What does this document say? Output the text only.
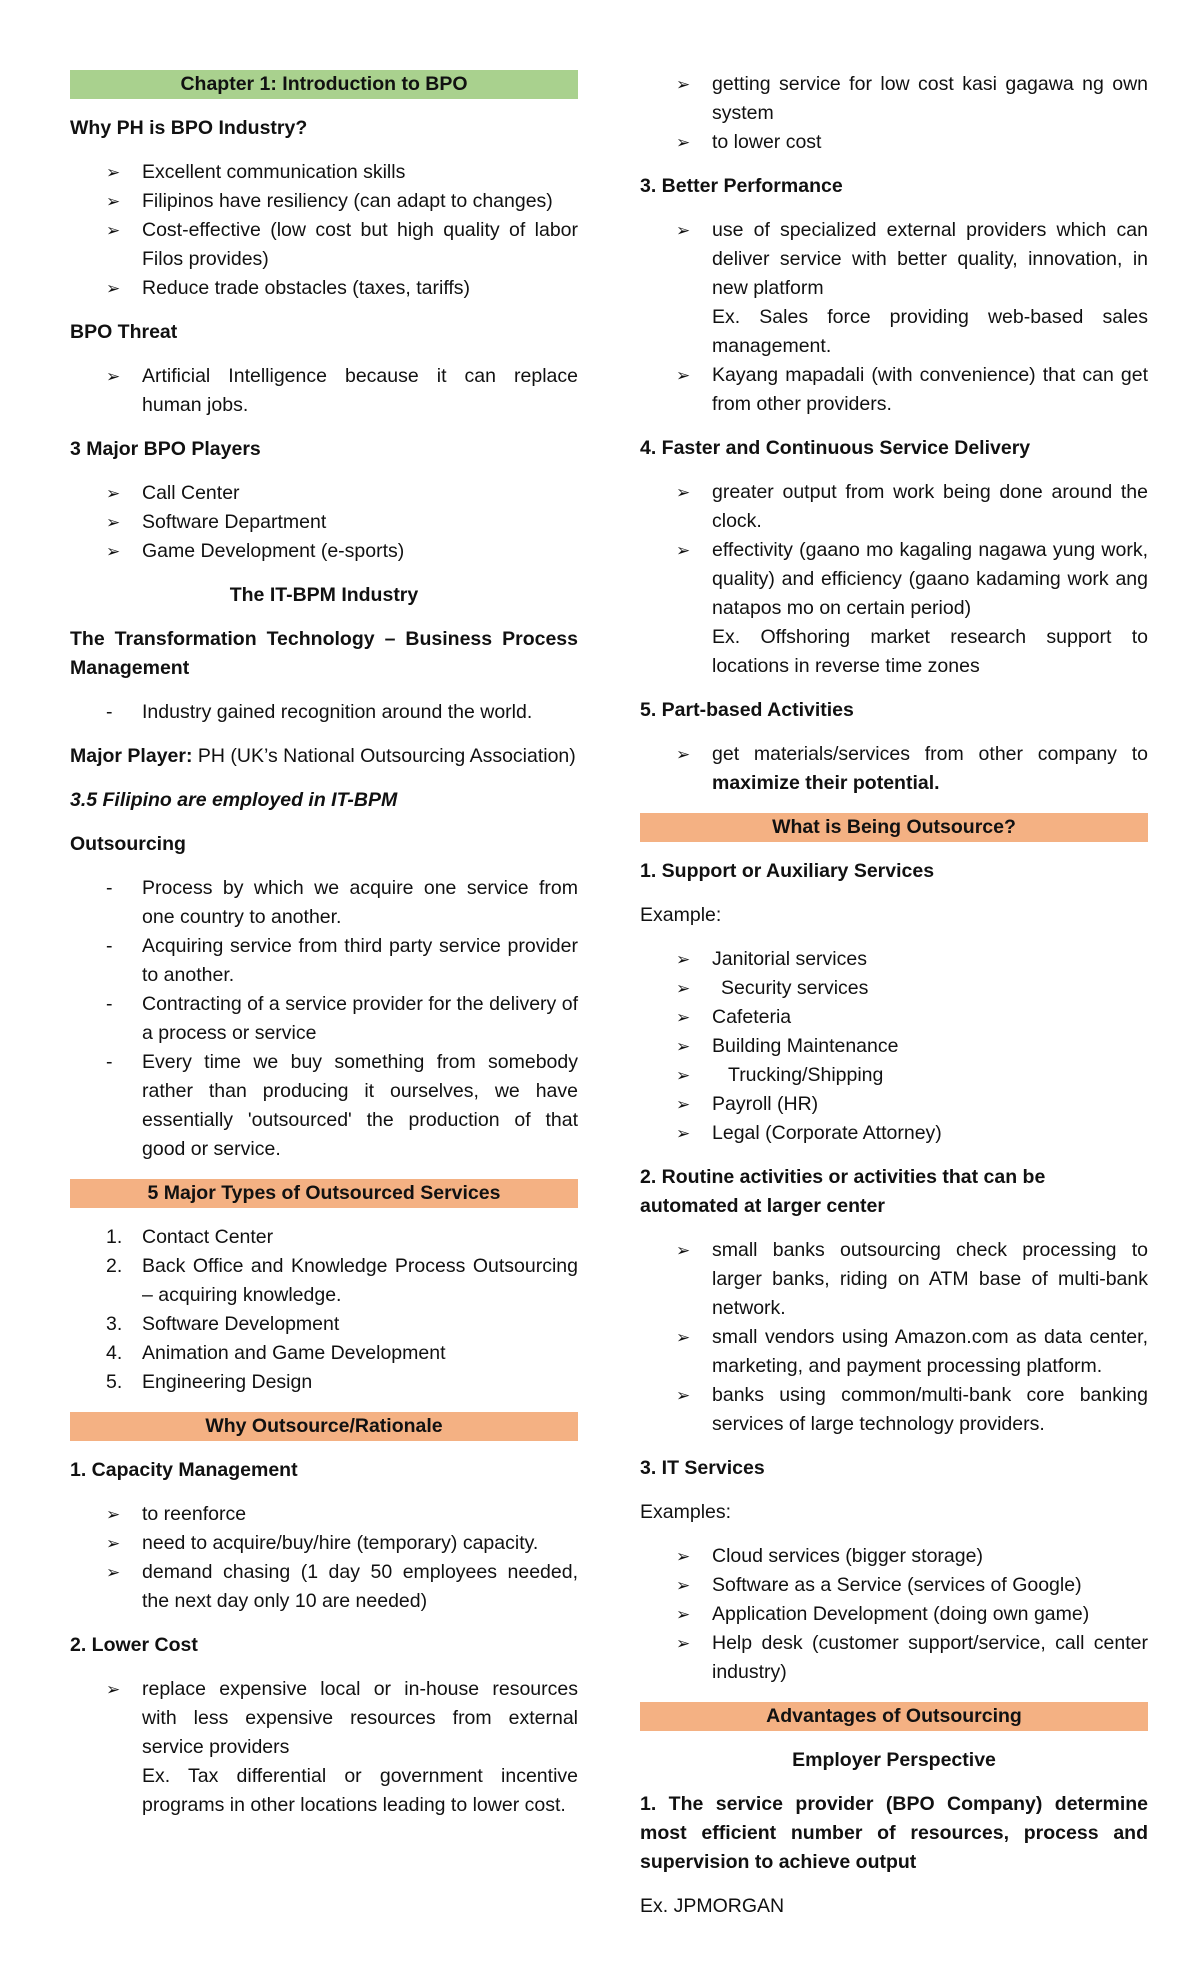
Chapter 1: Introduction to BPO
Why PH is BPO Industry?
➢ Excellent communication skills
➢ Filipinos have resiliency (can adapt to changes)
➢ Cost-effective (low cost but high quality of labor Filos provides)
➢ Reduce trade obstacles (taxes, tariffs)
BPO Threat
➢ Artificial Intelligence because it can replace human jobs.
3 Major BPO Players
➢ Call Center
➢ Software Department
➢ Game Development (e-sports)
The IT-BPM Industry
The Transformation Technology – Business Process Management
- Industry gained recognition around the world.
Major Player: PH (UK’s National Outsourcing Association)
3.5 Filipino are employed in IT-BPM
Outsourcing
- Process by which we acquire one service from one country to another.
- Acquiring service from third party service provider to another.
- Contracting of a service provider for the delivery of a process or service
- Every time we buy something from somebody rather than producing it ourselves, we have essentially 'outsourced' the production of that good or service.
5 Major Types of Outsourced Services
1. Contact Center
2. Back Office and Knowledge Process Outsourcing – acquiring knowledge.
3. Software Development
4. Animation and Game Development
5. Engineering Design
Why Outsource/Rationale
1. Capacity Management
➢ to reenforce
➢ need to acquire/buy/hire (temporary) capacity.
➢ demand chasing (1 day 50 employees needed, the next day only 10 are needed)
2. Lower Cost
➢ replace expensive local or in-house resources with less expensive resources from external service providers
Ex. Tax differential or government incentive programs in other locations leading to lower cost.
➢ getting service for low cost kasi gagawa ng own system
➢ to lower cost
3. Better Performance
➢ use of specialized external providers which can deliver service with better quality, innovation, in new platform
Ex. Sales force providing web-based sales management.
➢ Kayang mapadali (with convenience) that can get from other providers.
4. Faster and Continuous Service Delivery
➢ greater output from work being done around the clock.
➢ effectivity (gaano mo kagaling nagawa yung work, quality) and efficiency (gaano kadaming work ang natapos mo on certain period)
Ex. Offshoring market research support to locations in reverse time zones
5. Part-based Activities
➢ get materials/services from other company to maximize their potential.
What is Being Outsource?
1. Support or Auxiliary Services
Example:
➢ Janitorial services
➢ Security services
➢ Cafeteria
➢ Building Maintenance
➢ Trucking/Shipping
➢ Payroll (HR)
➢ Legal (Corporate Attorney)
2. Routine activities or activities that can be automated at larger center
➢ small banks outsourcing check processing to larger banks, riding on ATM base of multi-bank network.
➢ small vendors using Amazon.com as data center, marketing, and payment processing platform.
➢ banks using common/multi-bank core banking services of large technology providers.
3. IT Services
Examples:
➢ Cloud services (bigger storage)
➢ Software as a Service (services of Google)
➢ Application Development (doing own game)
➢ Help desk (customer support/service, call center industry)
Advantages of Outsourcing
Employer Perspective
1. The service provider (BPO Company) determine most efficient number of resources, process and supervision to achieve output
Ex. JPMORGAN
